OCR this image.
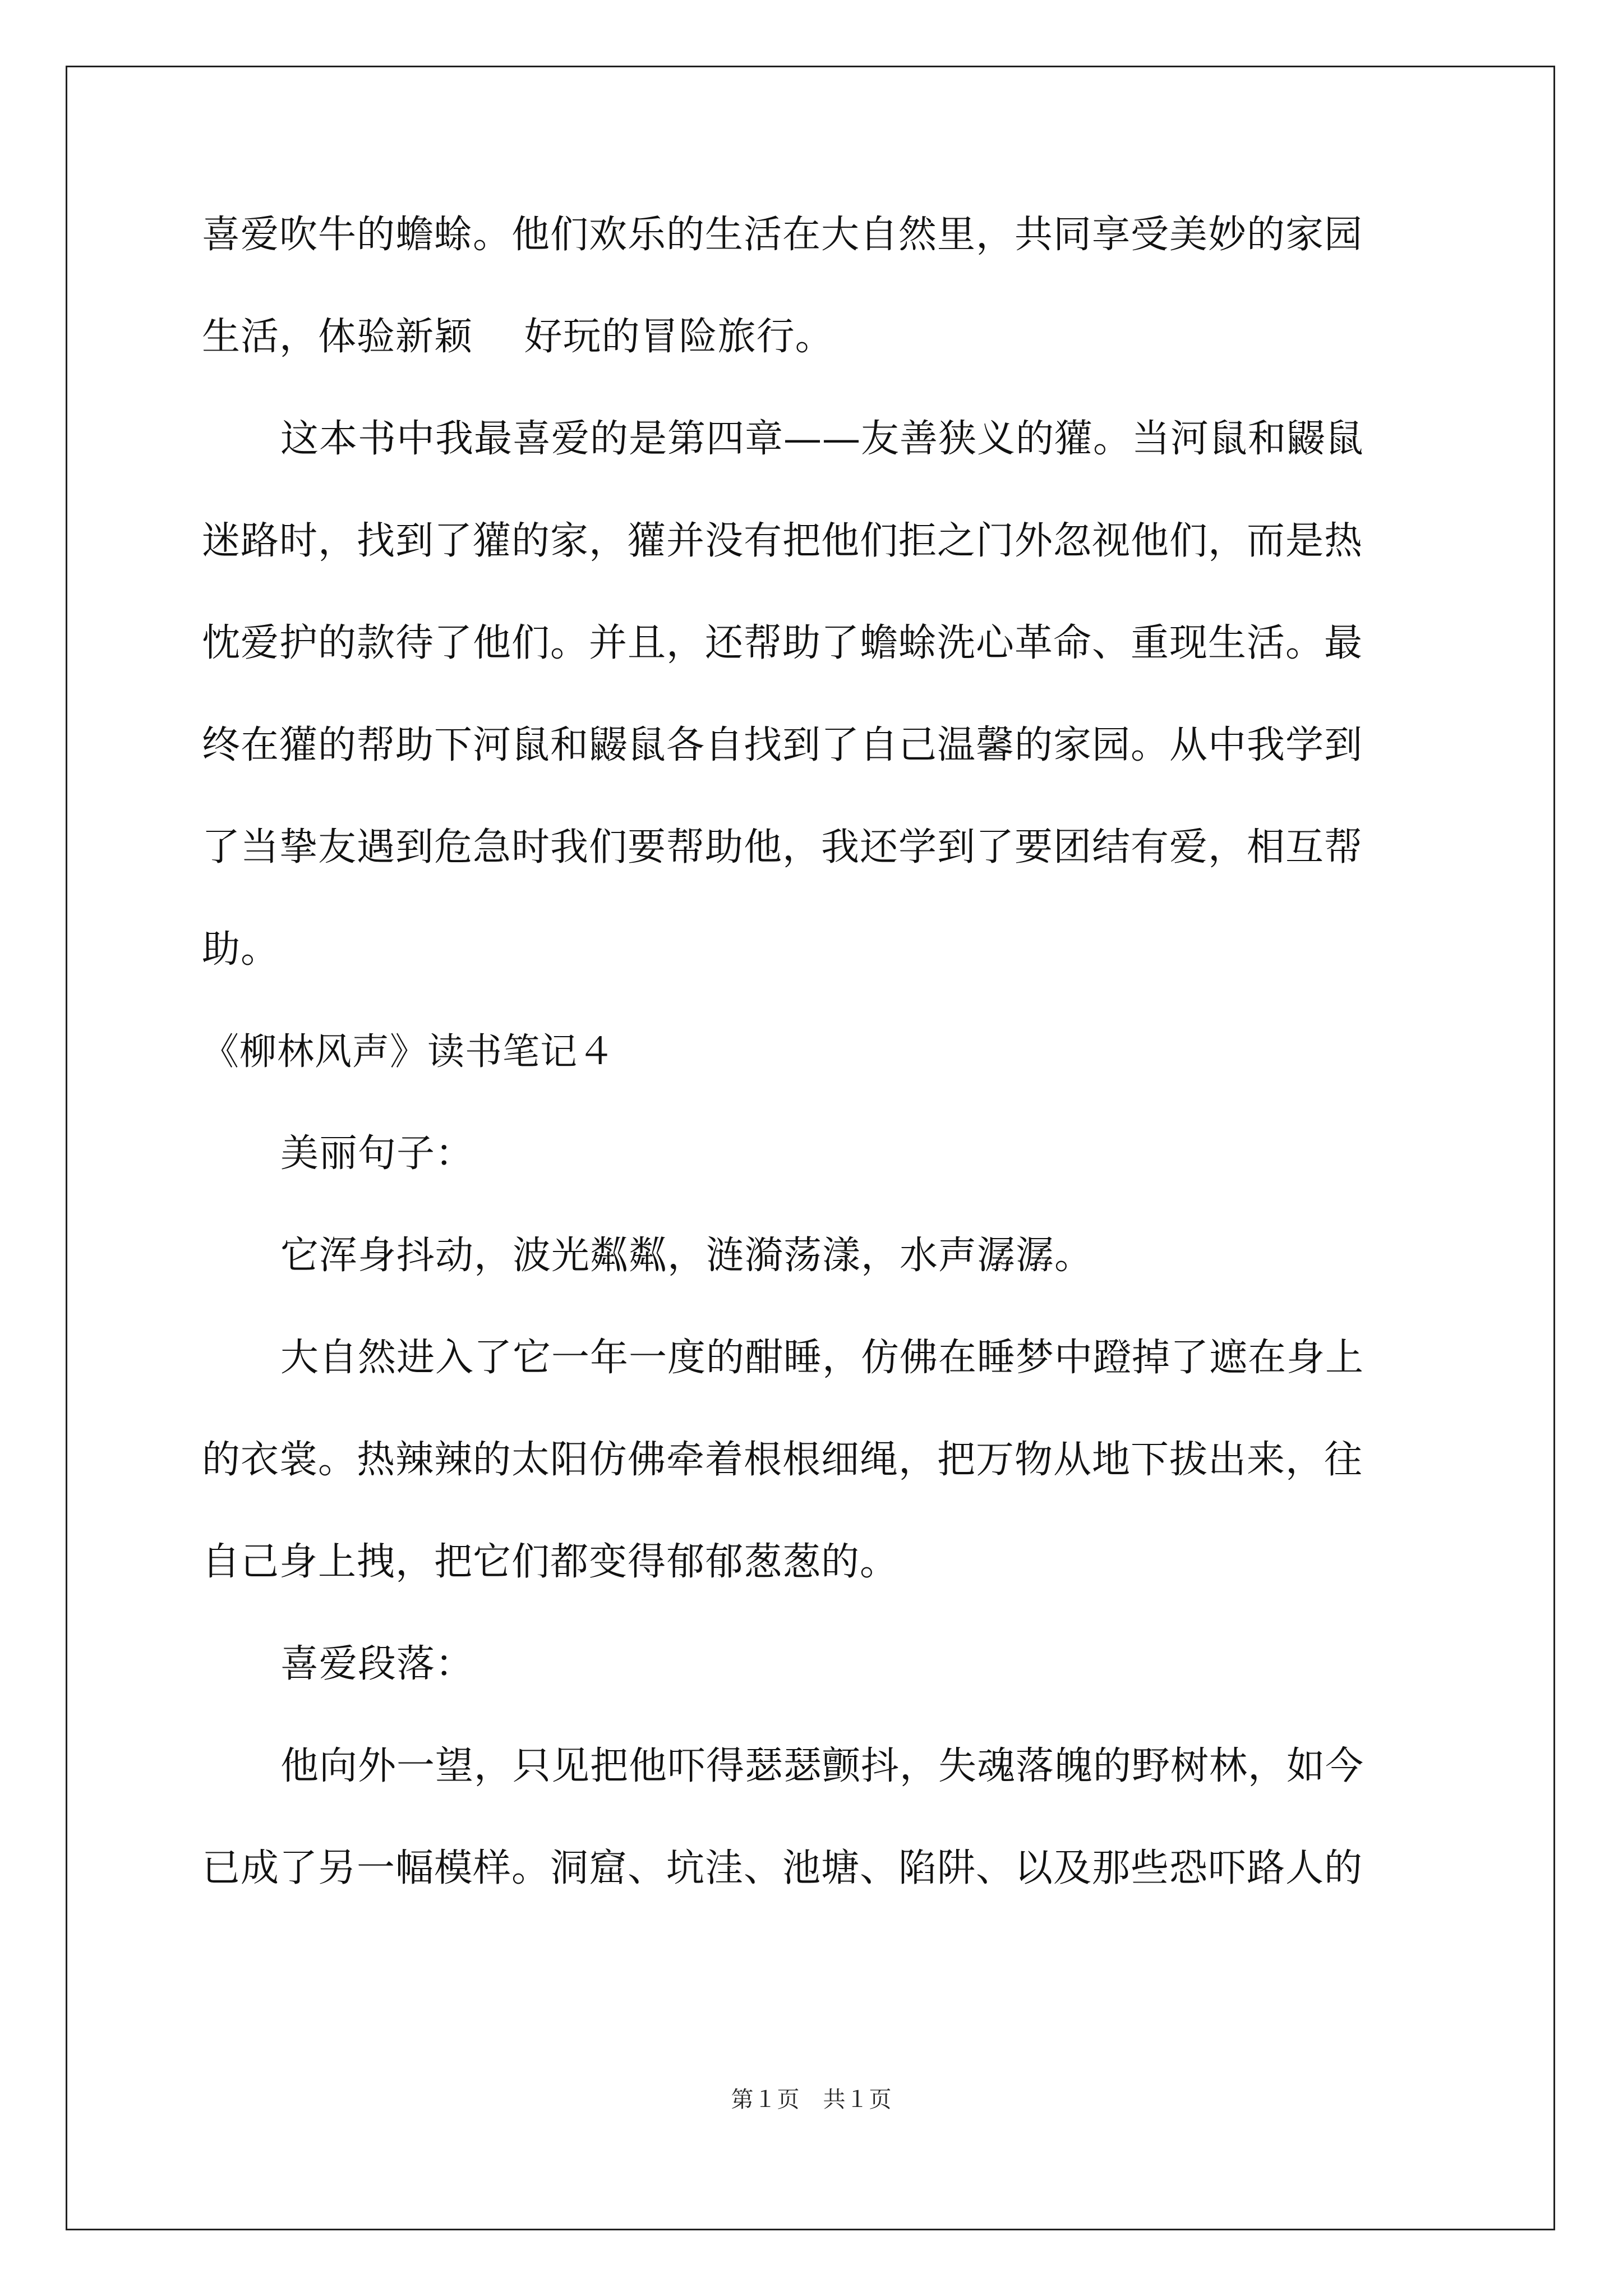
喜爱吹牛的蟾蜍。他们欢乐的生活在大自然里，共同享受美妙的家园
生活，体验新颖　 好玩的冒险旅行。
这本书中我最喜爱的是第四章——友善狭义的獾。当河鼠和鼹鼠
迷路时，找到了獾的家，獾并没有把他们拒之门外忽视他们，而是热
忱爱护的款待了他们。并且，还帮助了蟾蜍洗心革命、重现生活。最
终在獾的帮助下河鼠和鼹鼠各自找到了自己温馨的家园。从中我学到
了当挚友遇到危急时我们要帮助他，我还学到了要团结有爱，相互帮
助。
《柳林风声》读书笔记４
美丽句子：
它浑身抖动，波光粼粼，涟漪荡漾，水声潺潺。
大自然进入了它一年一度的酣睡，仿佛在睡梦中蹬掉了遮在身上
的衣裳。热辣辣的太阳仿佛牵着根根细绳，把万物从地下拔出来，往
自己身上拽，把它们都变得郁郁葱葱的。
喜爱段落：
他向外一望，只见把他吓得瑟瑟颤抖，失魂落魄的野树林，如今
已成了另一幅模样。洞窟、坑洼、池塘、陷阱、以及那些恐吓路人的
第１页　共１页
